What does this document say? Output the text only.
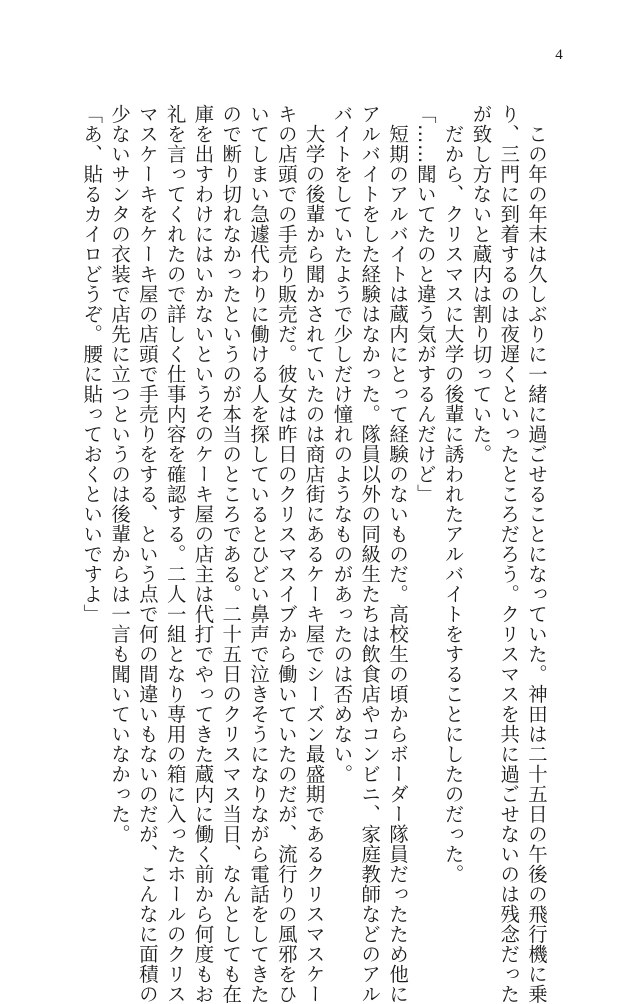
4

　この年の年末は久しぶりに一緒に過ごせることになっていた。神田は二十五日の午後の飛行機に乗

り、三門に到着するのは夜遅くといったところだろう。クリスマスを共に過ごせないのは残念だった

が致し方ないと蔵内は割り切っていた。

　だから、クリスマスに大学の後輩に誘われたアルバイトをすることにしたのだった。

「……聞いてたのと違う気がするんだけど」

　短期のアルバイトは蔵内にとって経験のないものだ。高校生の頃からボーダー隊員だったため他に

アルバイトをした経験はなかった。隊員以外の同級生たちは飲食店やコンビニ、家庭教師などのアル

バイトをしていたようで少しだけ憧れのようなものがあったのは否めない。

　大学の後輩から聞かされていたのは商店街にあるケーキ屋でシーズン最盛期であるクリスマスケー

キの店頭での手売り販売だ。彼女は昨日のクリスマスイブから働いていたのだが、流行りの風邪をひ

いてしまい急遽代わりに働ける人を探しているとひどい鼻声で泣きそうになりながら電話をしてきた

ので断り切れなかったというのが本当のところである。二十五日のクリスマス当日、なんとしても在

庫を出すわけにはいかないというそのケーキ屋の店主は代打でやってきた蔵内に働く前から何度もお

礼を言ってくれたので詳しく仕事内容を確認する。二人一組となり専用の箱に入ったホールのクリス

マスケーキをケーキ屋の店頭で手売りをする、という点で何の間違いもないのだが、こんなに面積の

少ないサンタの衣装で店先に立つというのは後輩からは一言も聞いていなかった。

「あ、貼るカイロどうぞ。腰に貼っておくといいですよ」
